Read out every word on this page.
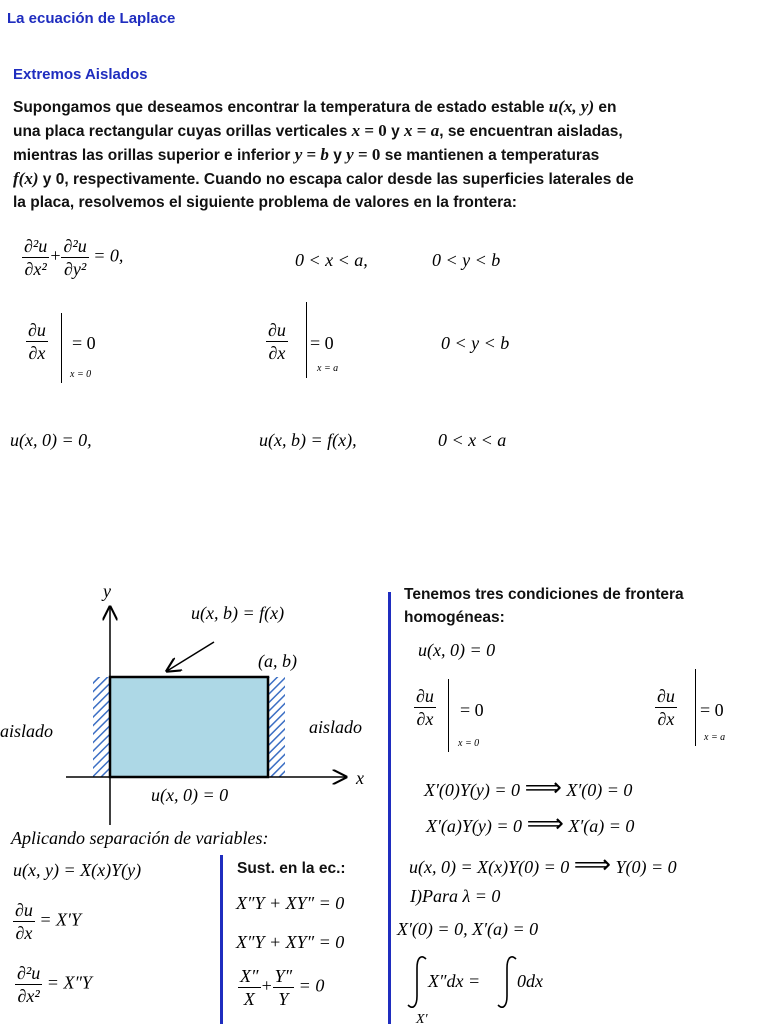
La ecuación de Laplace
Extremos Aislados

Supongamos que deseamos encontrar la temperatura de estado estable u(x, y) en

una placa rectangular cuyas orillas verticales x = 0 y x = a, se encuentran aisladas,

mientras las orillas superior e inferior y = b y y = 0 se mantienen a temperaturas

f(x) y 0, respectivamente. Cuando no escapa calor desde las superficies laterales de

la placa, resolvemos el siguiente problema de valores en la frontera:

$\frac{\text{∂²u}}{\text{∂x²}} + \frac{\text{∂²u}}{\text{∂y²}} = 0$,	0 < x < a,	0 < y < b
$\frac{\partial u}{\partial x} = 0$
x = 0
$\frac{\partial u}{\partial x} = 0$
x = a
0 < y < b
u(x, 0) = 0,	u(x, b) = f(x),	0 < x < a
y
x
u(x, b) = f(x)
(a, b)
aislado	aislado
u(x, 0) = 0
Aplicando separación de variables:
u(x, y) = X(x)Y(y)
$\frac{\partial u}{\partial x} = X'Y$
$\frac{\text{∂²u}}{\text{∂x²}} = X''Y$
Sust. en la ec.:
X″Y + XY″ = 0
X″Y + XY″ = 0
$\frac{X''}{X} + \frac{Y''}{Y} = 0$
Tenemos tres condiciones de frontera
homogéneas:
u(x, 0) = 0
$\frac{\partial u}{\partial x} = 0$
x = 0
$\frac{\partial u}{\partial x} = 0$
x = a
X′(0)Y(y) = 0 ⟹ X′(0) = 0
X′(a)Y(y) = 0 ⟹ X′(a) = 0
u(x, 0) = X(x)Y(0) = 0 ⟹ Y(0) = 0
I)Para λ = 0
X′(0) = 0, X′(a) = 0
X″dx = 0dx
X′
